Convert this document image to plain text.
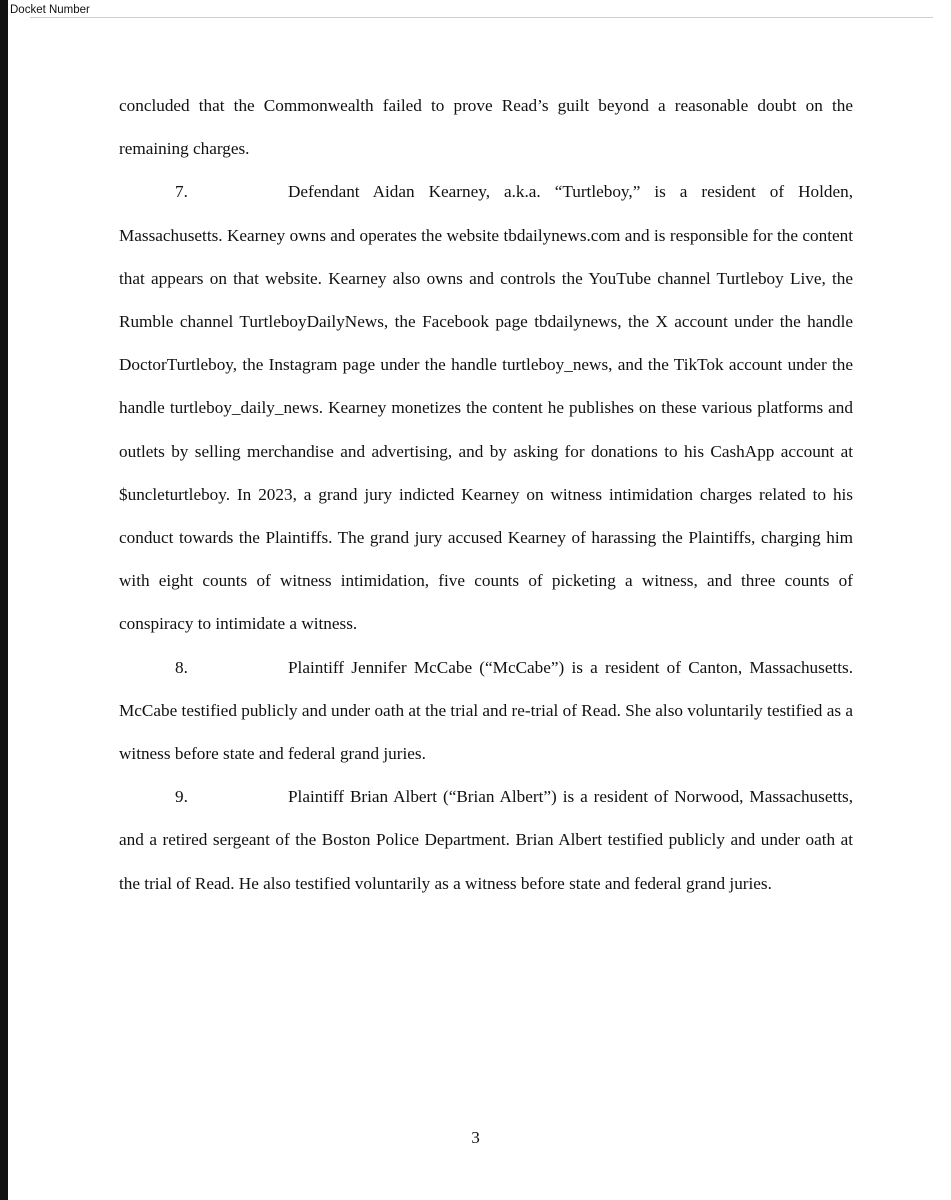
Docket Number

concluded that the Commonwealth failed to prove Read’s guilt beyond a reasonable doubt on the remaining charges.

7.	Defendant Aidan Kearney, a.k.a. “Turtleboy,” is a resident of Holden, Massachusetts. Kearney owns and operates the website tbdailynews.com and is responsible for the content that appears on that website. Kearney also owns and controls the YouTube channel Turtleboy Live, the Rumble channel TurtleboyDailyNews, the Facebook page tbdailynews, the X account under the handle DoctorTurtleboy, the Instagram page under the handle turtleboy_news, and the TikTok account under the handle turtleboy_daily_news. Kearney monetizes the content he publishes on these various platforms and outlets by selling merchandise and advertising, and by asking for donations to his CashApp account at $uncleturtleboy. In 2023, a grand jury indicted Kearney on witness intimidation charges related to his conduct towards the Plaintiffs. The grand jury accused Kearney of harassing the Plaintiffs, charging him with eight counts of witness intimidation, five counts of picketing a witness, and three counts of conspiracy to intimidate a witness.

8.	Plaintiff Jennifer McCabe (“McCabe”) is a resident of Canton, Massachusetts. McCabe testified publicly and under oath at the trial and re-trial of Read. She also voluntarily testified as a witness before state and federal grand juries.

9.	Plaintiff Brian Albert (“Brian Albert”) is a resident of Norwood, Massachusetts, and a retired sergeant of the Boston Police Department. Brian Albert testified publicly and under oath at the trial of Read. He also testified voluntarily as a witness before state and federal grand juries.

3
